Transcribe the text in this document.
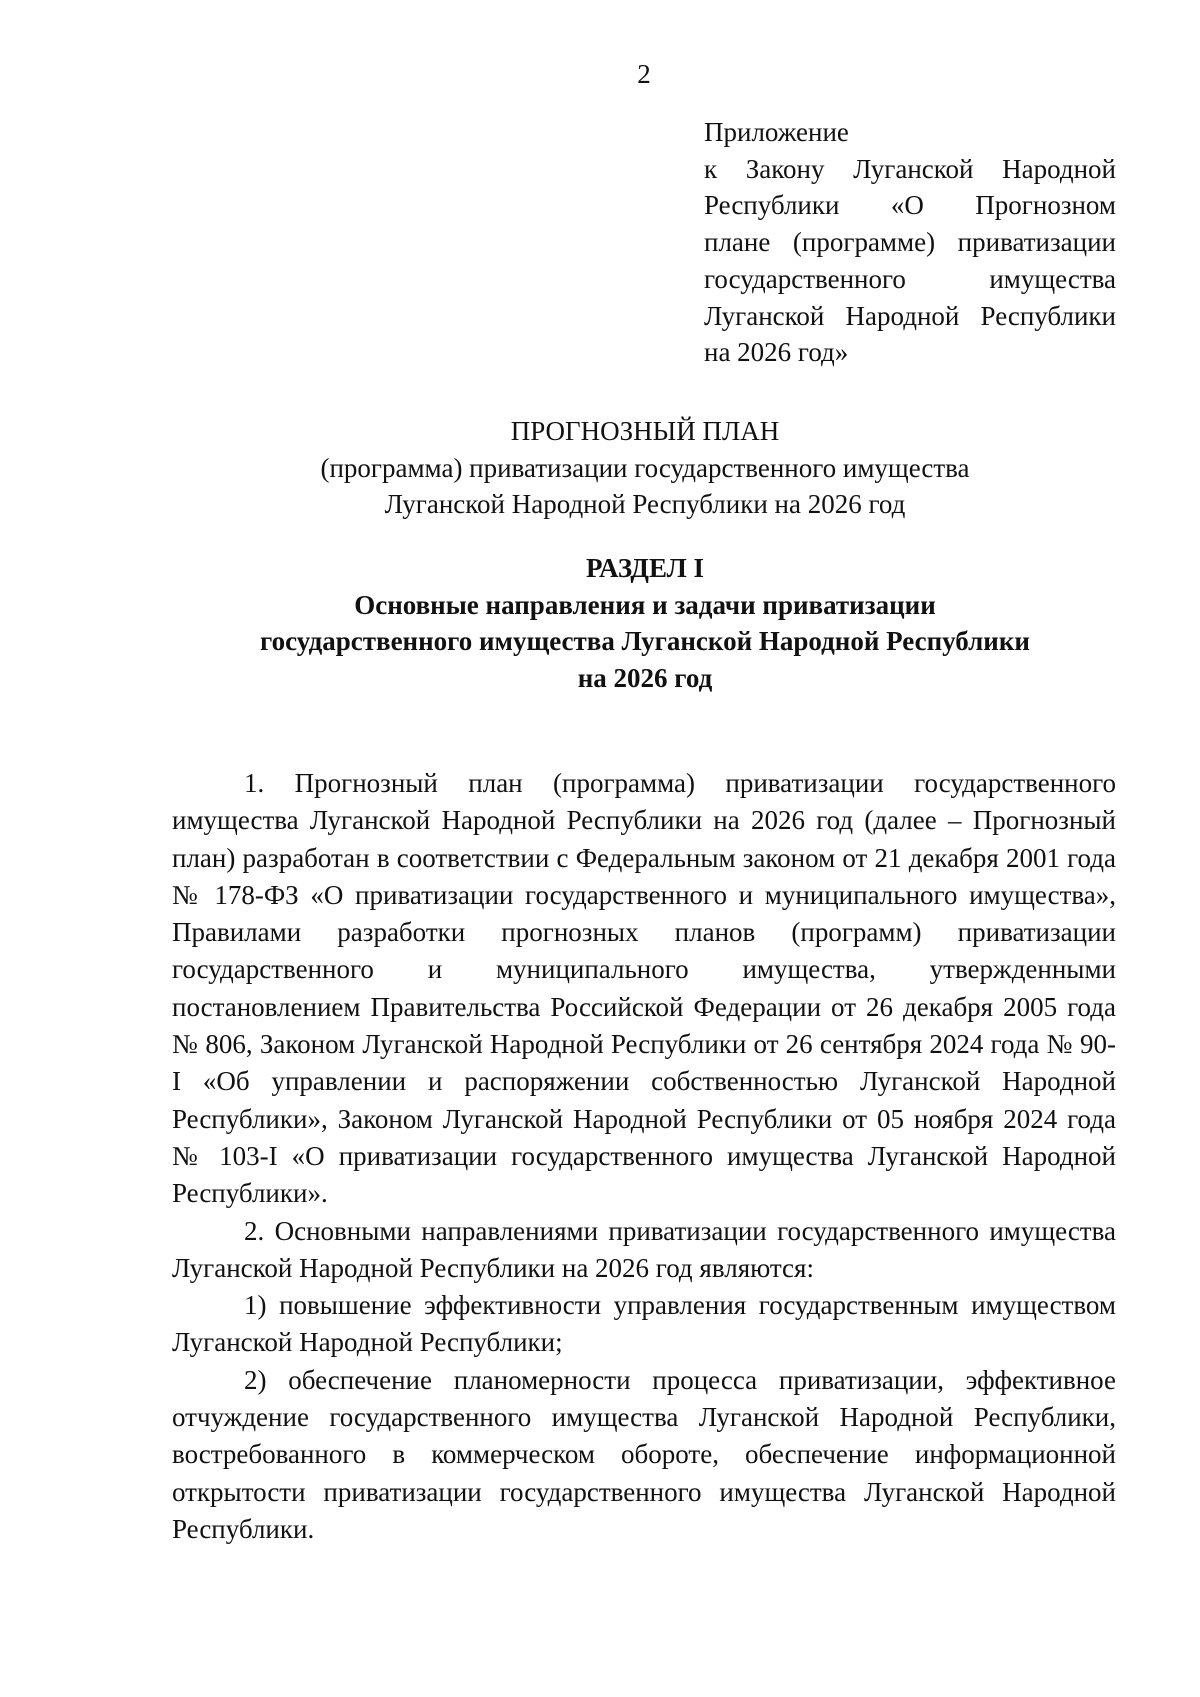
2
Приложение
к Закону Луганской Народной
Республики «О Прогнозном
плане (программе) приватизации
государственного имущества
Луганской Народной Республики
на 2026 год»
ПРОГНОЗНЫЙ ПЛАН
(программа) приватизации государственного имущества
Луганской Народной Республики на 2026 год
РАЗДЕЛ I
Основные направления и задачи приватизации
государственного имущества Луганской Народной Республики
на 2026 год

1. Прогнозный план (программа) приватизации государственного имущества Луганской Народной Республики на 2026 год (далее – Прогнозный план) разработан в соответствии с Федеральным законом от 21 декабря 2001 года № 178-ФЗ «О приватизации государственного и муниципального имущества», Правилами разработки прогнозных планов (программ) приватизации государственного и муниципального имущества, утвержденными постановлением Правительства Российской Федерации от 26 декабря 2005 года № 806, Законом Луганской Народной Республики от 26 сентября 2024 года № 90-I «Об управлении и распоряжении собственностью Луганской Народной Республики», Законом Луганской Народной Республики от 05 ноября 2024 года № 103-I «О приватизации государственного имущества Луганской Народной Республики».

2. Основными направлениями приватизации государственного имущества Луганской Народной Республики на 2026 год являются:

1) повышение эффективности управления государственным имуществом Луганской Народной Республики;

2) обеспечение планомерности процесса приватизации, эффективное отчуждение государственного имущества Луганской Народной Республики, востребованного в коммерческом обороте, обеспечение информационной открытости приватизации государственного имущества Луганской Народной Республики.
